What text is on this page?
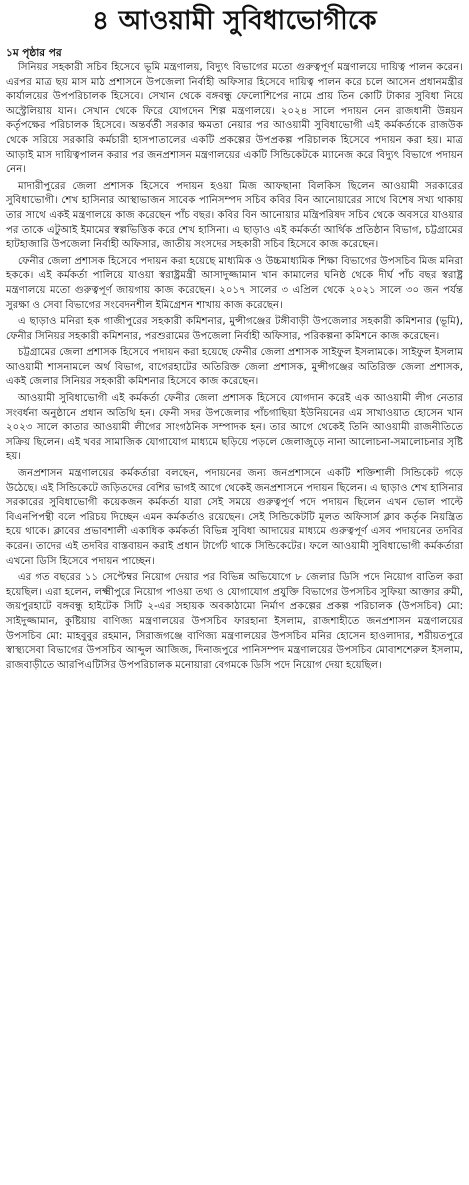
৪ আওয়ামী সুবিধাভোগীকে
১ম পৃষ্ঠার পর

সিনিয়র সহকারী সচিব হিসেবে ভূমি মন্ত্রণালয়, বিদ্যুৎ বিভাগের মতো গুরুত্বপূর্ণ মন্ত্রণালয়ে দায়িত্ব পালন করেন। এরপর মাত্র ছয় মাস মাঠ প্রশাসনে উপজেলা নির্বাহী অফিসার হিসেবে দায়িত্ব পালন করে চলে আসেন প্রধানমন্ত্রীর কার্যালয়ের উপপরিচালক হিসেবে। সেখান থেকে বঙ্গবন্ধু ফেলোশিপের নামে প্রায় তিন কোটি টাকার সুবিধা নিয়ে অস্ট্রেলিয়ায় যান। সেখান থেকে ফিরে যোগদেন শিল্প মন্ত্রণালয়ে। ২০২৪ সালে পদায়ন নেন রাজধানী উন্নয়ন কর্তৃপক্ষের পরিচালক হিসেবে। অন্তর্বর্তী সরকার ক্ষমতা নেয়ার পর আওয়ামী সুবিধাভোগী এই কর্মকর্তাকে রাজউক থেকে সরিয়ে সরকারি কর্মচারী হাসপাতালের একটি প্রকল্পের উপপ্রকল্প পরিচালক হিসেবে পদায়ন করা হয়। মাত্র আড়াই মাস দায়িত্বপালন করার পর জনপ্রশাসন মন্ত্রণালয়ের একটি সিন্ডিকেটকে ম্যানেজ করে বিদ্যুৎ বিভাগে পদায়ন নেন।

মাদারীপুরের জেলা প্রশাসক হিসেবে পদায়ন হওয়া মিজ আফছানা বিলকিস ছিলেন আওয়ামী সরকারের সুবিধাভোগী। শেখ হাসিনার আস্থাভাজন সাবেক পানিসম্পদ সচিব কবির বিন আনোয়ারের সাথে বিশেষ সখ্য থাকায় তার সাথে একই মন্ত্রণালয়ে কাজ করেছেন পাঁচ বছর। কবির বিন আনোয়ার মন্ত্রিপরিষদ সচিব থেকে অবসরে যাওয়ার পর তাকে এটুআই ইমামের স্বল্পভিত্তিক করে শেখ হাসিনা। এ ছাড়াও এই কর্মকর্তা আর্থিক প্রতিষ্ঠান বিভাগ, চট্টগ্রামের হাটহাজারি উপজেলা নির্বাহী অফিসার, জাতীয় সংসদের সহকারী সচিব হিসেবে কাজ করেছেন।

ফেনীর জেলা প্রশাসক হিসেবে পদায়ন করা হয়েছে মাধ্যমিক ও উচ্চমাধ্যমিক শিক্ষা বিভাগের উপসচিব মিজ মনিরা হককে। এই কর্মকর্তা পালিয়ে যাওয়া স্বরাষ্ট্রমন্ত্রী আসাদুজ্জামান খান কামালের ঘনিষ্ঠ থেকে দীর্ঘ পাঁচ বছর স্বরাষ্ট্র মন্ত্রণালয়ে মতো গুরুত্বপূর্ণ জায়গায় কাজ করেছেন। ২০১৭ সালের ৩ এপ্রিল থেকে ২০২১ সালে ৩০ জন পর্যন্ত সুরক্ষা ও সেবা বিভাগের সংবেদনশীল ইমিগ্রেশন শাখায় কাজ করেছেন।

এ ছাড়াও মনিরা হক গাজীপুরের সহকারী কমিশনার, মুন্সীগঞ্জের টঙ্গীবাড়ী উপজেলার সহকারী কমিশনার (ভূমি), ফেনীর সিনিয়র সহকারী কমিশনার, পরশুরামের উপজেলা নির্বাহী অফিসার, পরিকল্পনা কমিশনে কাজ করেছেন।

চট্টগ্রামের জেলা প্রশাসক হিসেবে পদায়ন করা হয়েছে ফেনীর জেলা প্রশাসক সাইফুল ইসলামকে। সাইফুল ইসলাম আওয়ামী শাসনামলে অর্থ বিভাগ, বাগেরহাটের অতিরিক্ত জেলা প্রশাসক, মুন্সীগঞ্জের অতিরিক্ত জেলা প্রশাসক, একই জেলার সিনিয়র সহকারী কমিশনার হিসেবে কাজ করেছেন।

আওয়ামী সুবিধাভোগী এই কর্মকর্তা ফেনীর জেলা প্রশাসক হিসেবে যোগদান করেই এক আওয়ামী লীগ নেতার সংবর্ধনা অনুষ্ঠানে প্রধান অতিথি হন। ফেনী সদর উপজেলার পাঁচগাছিয়া ইউনিয়নের এম সাখাওয়াত হোসেন খান ২০২৩ সালে কাতার আওয়ামী লীগের সাংগঠনিক সম্পাদক হন। তার আগে থেকেই তিনি আওয়ামী রাজনীতিতে সক্রিয় ছিলেন। এই খবর সামাজিক যোগাযোগ মাধ্যমে ছড়িয়ে পড়লে জেলাজুড়ে নানা আলোচনা-সমালোচনার সৃষ্টি হয়।

জনপ্রশাসন মন্ত্রণালয়ের কর্মকর্তারা বলছেন, পদায়নের জন্য জনপ্রশাসনে একটি শক্তিশালী সিন্ডিকেট গড়ে উঠেছে। এই সিন্ডিকেটে জড়িতদের বেশির ভাগই আগে থেকেই জনপ্রশাসনে পদায়ন ছিলেন। এ ছাড়াও শেখ হাসিনার সরকারের সুবিধাভোগী কয়েকজন কর্মকর্তা যারা সেই সময়ে গুরুত্বপূর্ণ পদে পদায়ন ছিলেন এখন ভোল পাল্টে বিএনপিপন্থী বলে পরিচয় দিচ্ছেন এমন কর্মকর্তাও রয়েছেন। সেই সিন্ডিকেটটি মূলত অফিসার্স ক্লাব কর্তৃক নিয়ন্ত্রিত হয়ে থাকে। ক্লাবের প্রভাবশালী একাধিক কর্মকর্তা বিভিন্ন সুবিধা আদায়ের মাধ্যমে গুরুত্বপূর্ণ এসব পদায়নের তদবির করেন। তাদের এই তদবির বাস্তবায়ন করাই প্রধান টার্গেট থাকে সিন্ডিকেটের। ফলে আওয়ামী সুবিধাভোগী কর্মকর্তারা এখনো ডিসি হিসেবে পদায়ন পাচ্ছেন।

এর গত বছরের ১১ সেপ্টেম্বর নিয়োগ দেয়ার পর বিভিন্ন অভিযোগে ৮ জেলার ডিসি পদে নিয়োগ বাতিল করা হয়েছিল। এরা হলেন, লক্ষ্মীপুরে নিয়োগ পাওয়া তথ্য ও যোগাযোগ প্রযুক্তি বিভাগের উপসচিব সুফিয়া আক্তার রুমী, জয়পুরহাটে বঙ্গবন্ধু হাইটেক সিটি ২-এর সহায়ক অবকাঠামো নির্মাণ প্রকল্পের প্রকল্প পরিচালক (উপসচিব) মো: সাইদুজ্জামান, কুষ্টিয়ায় বাণিজ্য মন্ত্রণালয়ের উপসচিব ফারহানা ইসলাম, রাজশাহীতে জনপ্রশাসন মন্ত্রণালয়ের উপসচিব মো: মাহবুবুর রহমান, সিরাজগঞ্জে বাণিজ্য মন্ত্রণালয়ের উপসচিব মনির হোসেন হাওলাদার, শরীয়তপুরে স্বাস্থ্যসেবা বিভাগের উপসচিব আব্দুল আজিজ, দিনাজপুরে পানিসম্পদ মন্ত্রণালয়ের উপসচিব মোবাশশেরুল ইসলাম, রাজবাড়ীতে আরপিএটিসির উপপরিচালক মনোয়ারা বেগমকে ডিসি পদে নিয়োগ দেয়া হয়েছিল।
